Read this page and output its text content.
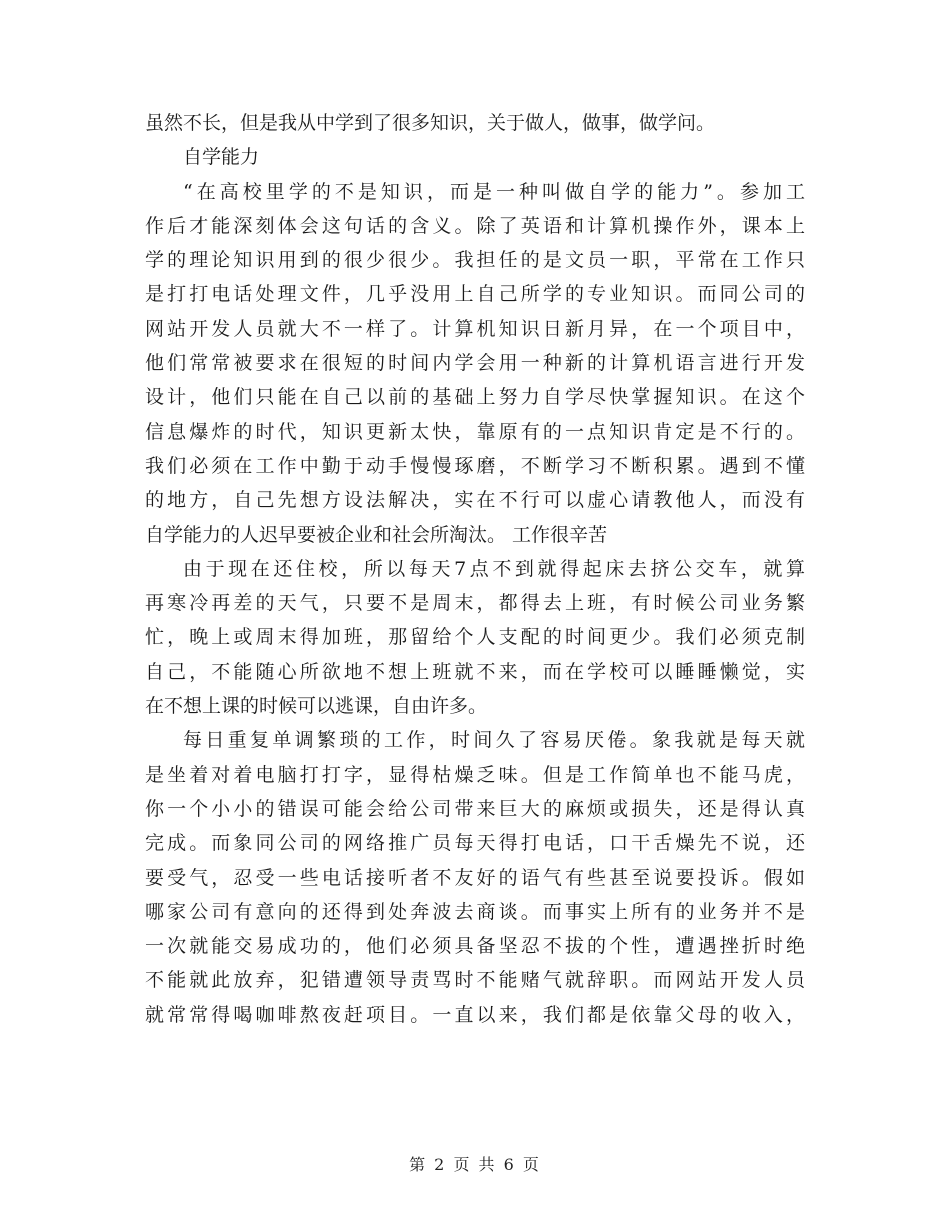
虽然不长，但是我从中学到了很多知识，关于做人，做事，做学问。
自学能力
“在高校里学的不是知识，而是一种叫做自学的能力”。参加工
作后才能深刻体会这句话的含义。除了英语和计算机操作外，课本上
学的理论知识用到的很少很少。我担任的是文员一职，平常在工作只
是打打电话处理文件，几乎没用上自己所学的专业知识。而同公司的
网站开发人员就大不一样了。计算机知识日新月异，在一个项目中，
他们常常被要求在很短的时间内学会用一种新的计算机语言进行开发
设计，他们只能在自己以前的基础上努力自学尽快掌握知识。在这个
信息爆炸的时代，知识更新太快，靠原有的一点知识肯定是不行的。
我们必须在工作中勤于动手慢慢琢磨，不断学习不断积累。遇到不懂
的地方，自己先想方设法解决，实在不行可以虚心请教他人，而没有
自学能力的人迟早要被企业和社会所淘汰。 工作很辛苦
由于现在还住校，所以每天7点不到就得起床去挤公交车，就算
再寒冷再差的天气，只要不是周末，都得去上班，有时候公司业务繁
忙，晚上或周末得加班，那留给个人支配的时间更少。我们必须克制
自己，不能随心所欲地不想上班就不来，而在学校可以睡睡懒觉，实
在不想上课的时候可以逃课，自由许多。
每日重复单调繁琐的工作，时间久了容易厌倦。象我就是每天就
是坐着对着电脑打打字，显得枯燥乏味。但是工作简单也不能马虎，
你一个小小的错误可能会给公司带来巨大的麻烦或损失，还是得认真
完成。而象同公司的网络推广员每天得打电话，口干舌燥先不说，还
要受气，忍受一些电话接听者不友好的语气有些甚至说要投诉。假如
哪家公司有意向的还得到处奔波去商谈。而事实上所有的业务并不是
一次就能交易成功的，他们必须具备坚忍不拔的个性，遭遇挫折时绝
不能就此放弃，犯错遭领导责骂时不能赌气就辞职。而网站开发人员
就常常得喝咖啡熬夜赶项目。一直以来，我们都是依靠父母的收入，
第 2 页 共 6 页
